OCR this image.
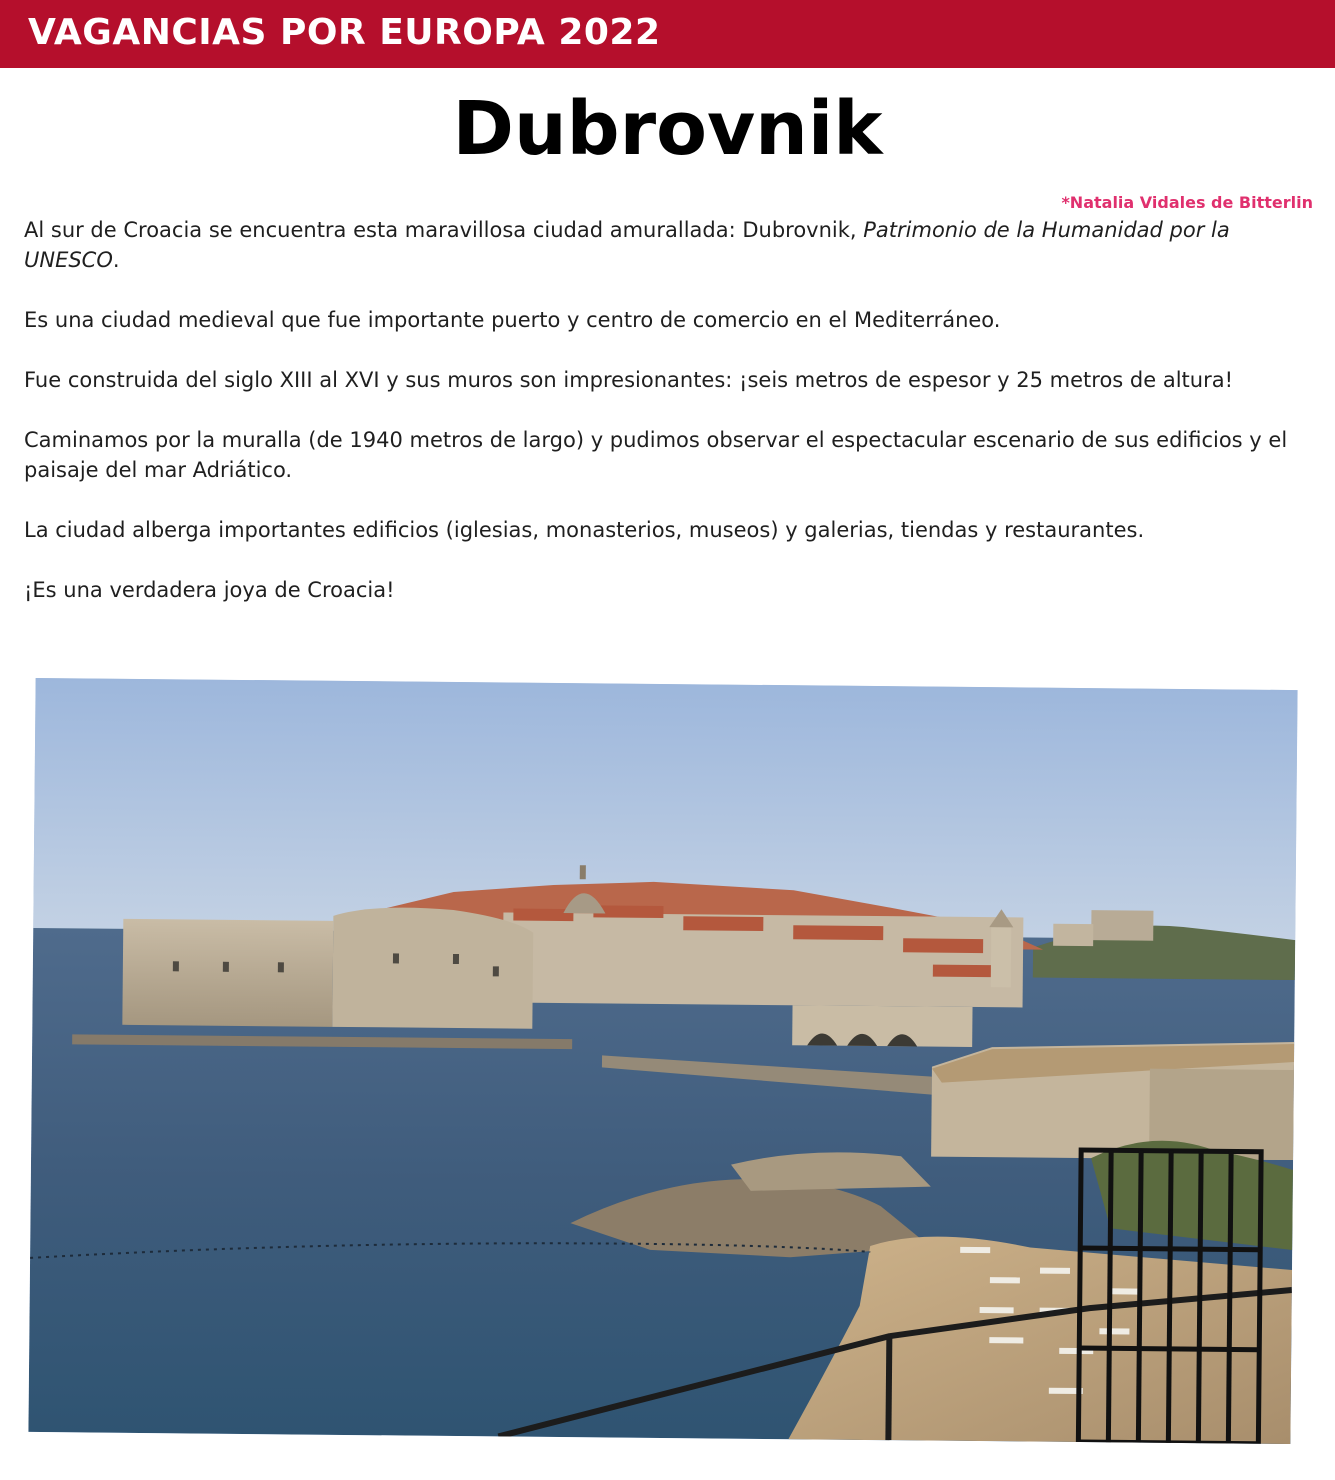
VAGANCIAS POR EUROPA 2022
Dubrovnik
*Natalia Vidales de Bitterlin

Al sur de Croacia se encuentra esta maravillosa ciudad amurallada: Dubrovnik, Patrimonio de la Humanidad por la UNESCO.

Es una ciudad medieval que fue importante puerto y centro de comercio en el Mediterráneo.

Fue construida del siglo XIII al XVI y sus muros son impresionantes: ¡seis metros de espesor y 25 metros de altura!

Caminamos por la muralla (de 1940 metros de largo) y pudimos observar el espectacular escenario de sus edificios y el paisaje del mar Adriático.

La ciudad alberga importantes edificios (iglesias, monasterios, museos) y galerias, tiendas y restaurantes.

¡Es una verdadera joya de Croacia!
